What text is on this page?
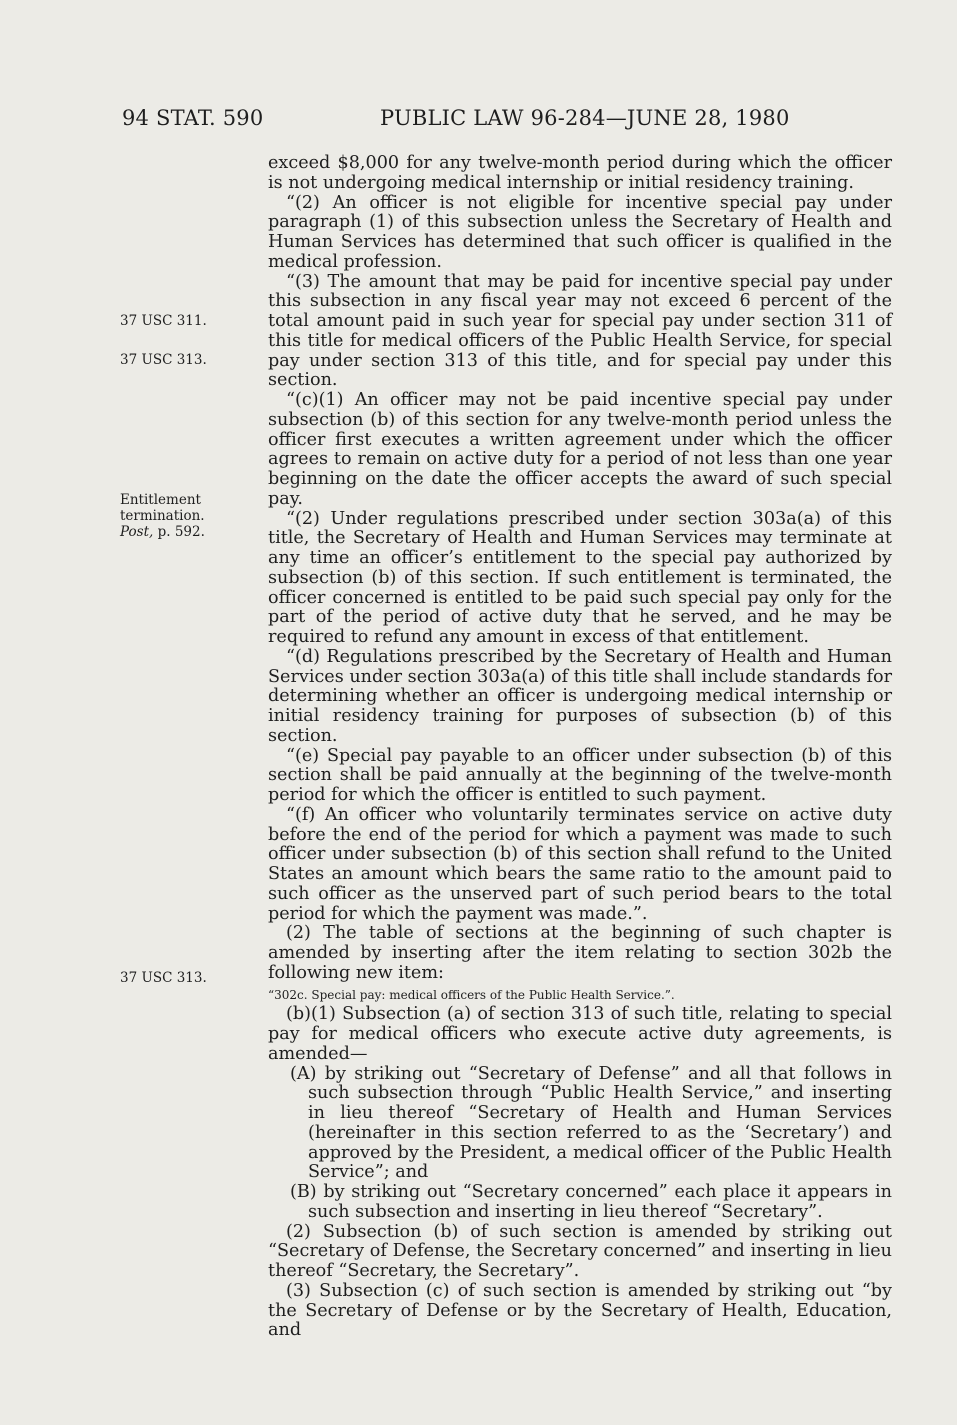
94 STAT. 590	PUBLIC LAW 96-284—JUNE 28, 1980
37 USC 311.
37 USC 313.
Entitlement termination.
Post, p. 592.
37 USC 313.

exceed $8,000 for any twelve-month period during which the officer is not undergoing medical internship or initial residency training.

“(2) An officer is not eligible for incentive special pay under paragraph (1) of this subsection unless the Secretary of Health and Human Services has determined that such officer is qualified in the medical profession.

“(3) The amount that may be paid for incentive special pay under this subsection in any fiscal year may not exceed 6 percent of the total amount paid in such year for special pay under section 311 of this title for medical officers of the Public Health Service, for special pay under section 313 of this title, and for special pay under this section.

“(c)(1) An officer may not be paid incentive special pay under subsection (b) of this section for any twelve-month period unless the officer first executes a written agreement under which the officer agrees to remain on active duty for a period of not less than one year beginning on the date the officer accepts the award of such special pay.

“(2) Under regulations prescribed under section 303a(a) of this title, the Secretary of Health and Human Services may terminate at any time an officer’s entitlement to the special pay authorized by subsection (b) of this section. If such entitlement is terminated, the officer concerned is entitled to be paid such special pay only for the part of the period of active duty that he served, and he may be required to refund any amount in excess of that entitlement.

“(d) Regulations prescribed by the Secretary of Health and Human Services under section 303a(a) of this title shall include standards for determining whether an officer is undergoing medical internship or initial residency training for purposes of subsection (b) of this section.

“(e) Special pay payable to an officer under subsection (b) of this section shall be paid annually at the beginning of the twelve-month period for which the officer is entitled to such payment.

“(f) An officer who voluntarily terminates service on active duty before the end of the period for which a payment was made to such officer under subsection (b) of this section shall refund to the United States an amount which bears the same ratio to the amount paid to such officer as the unserved part of such period bears to the total period for which the payment was made.”.

(2) The table of sections at the beginning of such chapter is amended by inserting after the item relating to section 302b the following new item:

“302c. Special pay: medical officers of the Public Health Service.”.

(b)(1) Subsection (a) of section 313 of such title, relating to special pay for medical officers who execute active duty agreements, is amended—

(A) by striking out “Secretary of Defense” and all that follows in such subsection through “Public Health Service,” and inserting in lieu thereof “Secretary of Health and Human Services (hereinafter in this section referred to as the ‘Secretary’) and approved by the President, a medical officer of the Public Health Service”; and

(B) by striking out “Secretary concerned” each place it appears in such subsection and inserting in lieu thereof “Secretary”.

(2) Subsection (b) of such section is amended by striking out “Secretary of Defense, the Secretary concerned” and inserting in lieu thereof “Secretary, the Secretary”.

(3) Subsection (c) of such section is amended by striking out “by the Secretary of Defense or by the Secretary of Health, Education, and
